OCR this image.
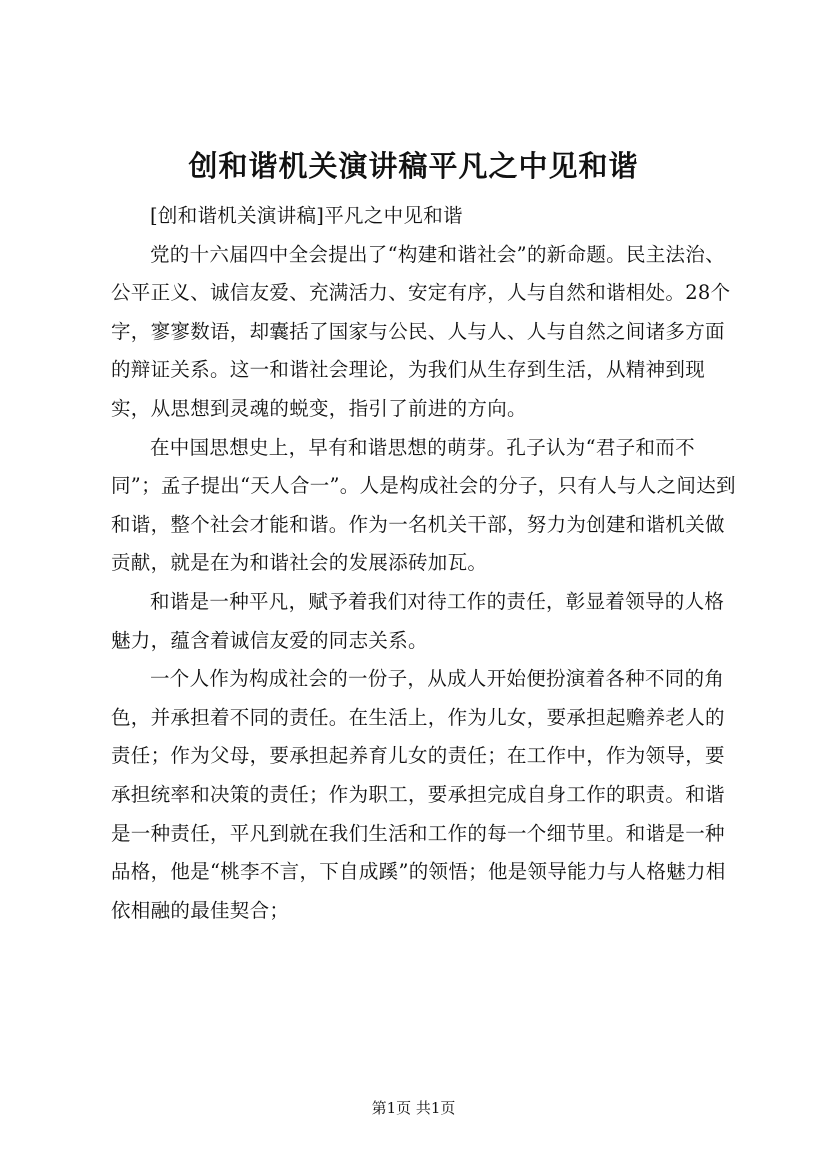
创和谐机关演讲稿平凡之中见和谐

[创和谐机关演讲稿]平凡之中见和谐

党的十六届四中全会提出了“构建和谐社会”的新命题。民主法治、公平正义、诚信友爱、充满活力、安定有序，人与自然和谐相处。28个字，寥寥数语，却囊括了国家与公民、人与人、人与自然之间诸多方面的辩证关系。这一和谐社会理论，为我们从生存到生活，从精神到现实，从思想到灵魂的蜕变，指引了前进的方向。

在中国思想史上，早有和谐思想的萌芽。孔子认为“君子和而不同”；孟子提出“天人合一”。人是构成社会的分子，只有人与人之间达到和谐，整个社会才能和谐。作为一名机关干部，努力为创建和谐机关做贡献，就是在为和谐社会的发展添砖加瓦。

和谐是一种平凡，赋予着我们对待工作的责任，彰显着领导的人格魅力，蕴含着诚信友爱的同志关系。

一个人作为构成社会的一份子，从成人开始便扮演着各种不同的角色，并承担着不同的责任。在生活上，作为儿女，要承担起赡养老人的责任；作为父母，要承担起养育儿女的责任；在工作中，作为领导，要承担统率和决策的责任；作为职工，要承担完成自身工作的职责。和谐是一种责任，平凡到就在我们生活和工作的每一个细节里。和谐是一种品格，他是“桃李不言，下自成蹊”的领悟；他是领导能力与人格魅力相依相融的最佳契合；

第1页 共1页
